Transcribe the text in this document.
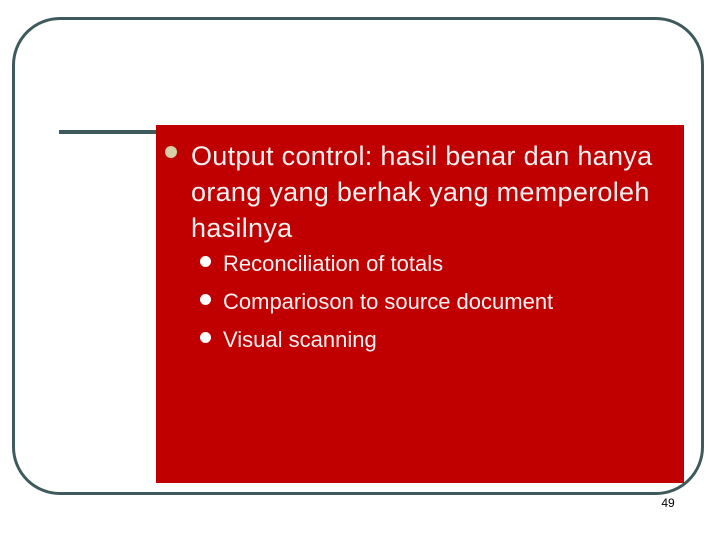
Output control: hasil benar dan hanya orang yang berhak yang memperoleh hasilnya
Reconciliation of totals
Comparioson to source document
Visual scanning
49
